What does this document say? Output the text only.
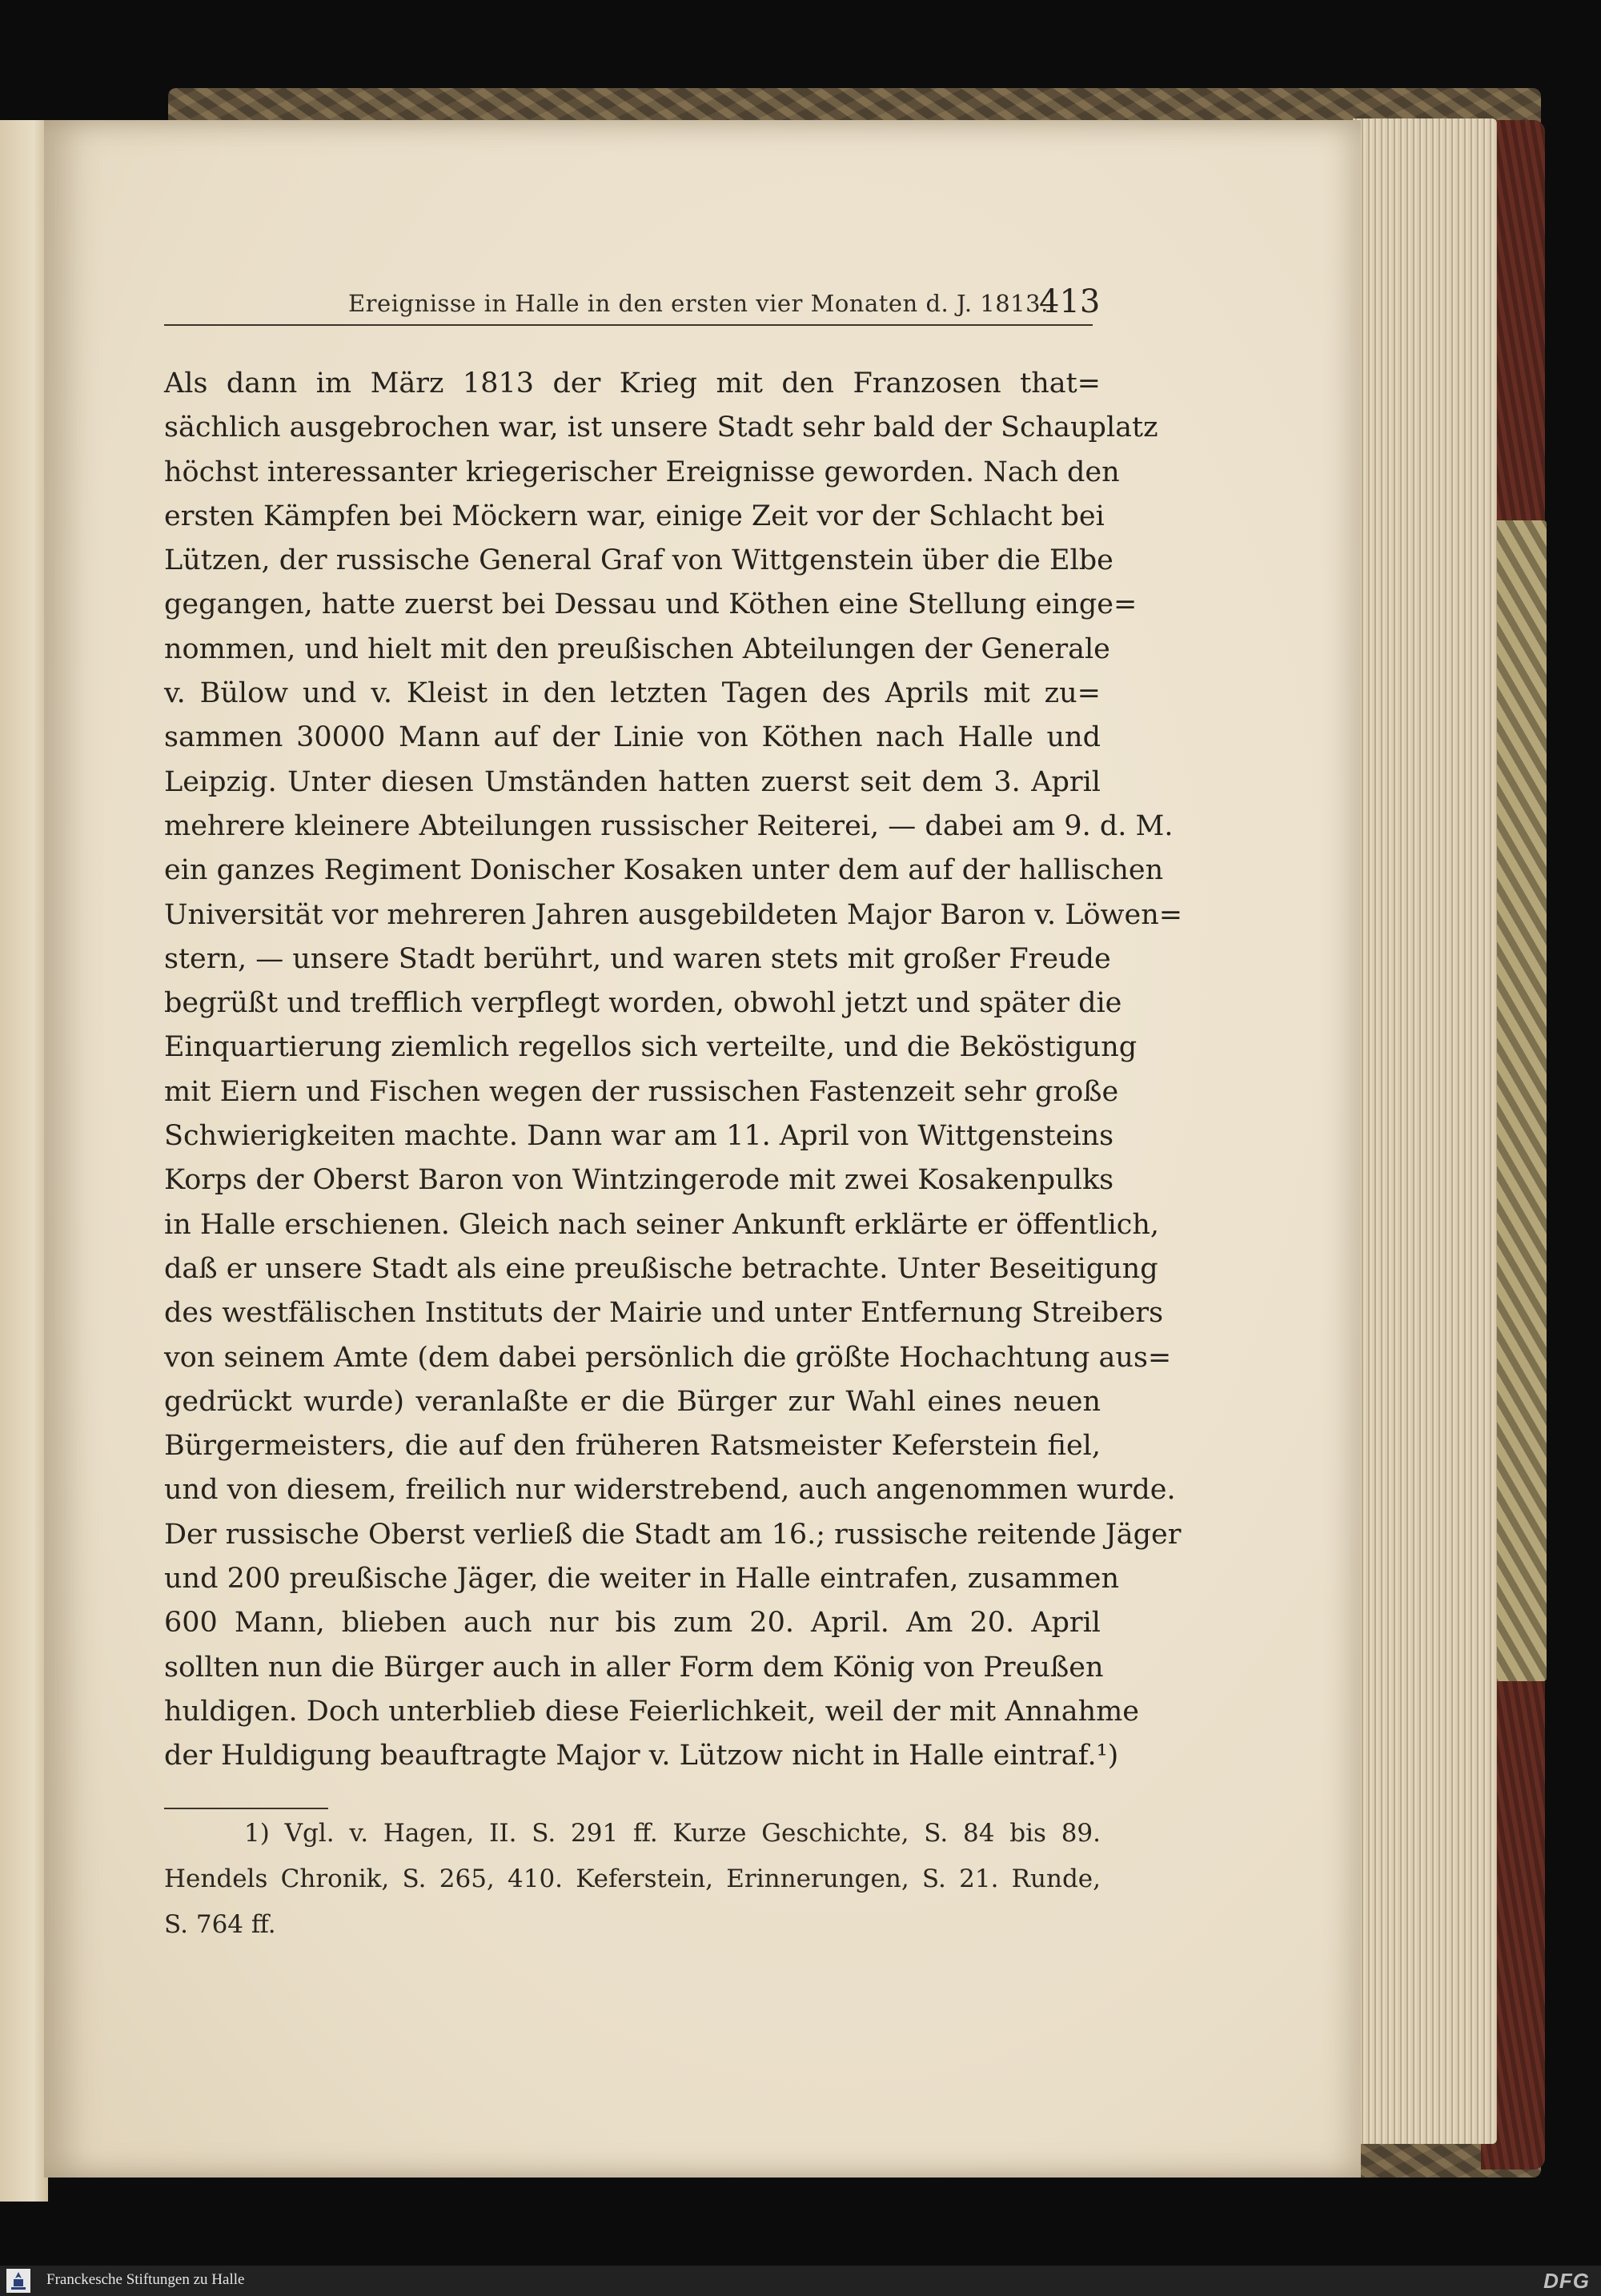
Ereignisse in Halle in den ersten vier Monaten d. J. 1813.
413
Als dann im März 1813 der Krieg mit den Franzosen that=
sächlich ausgebrochen war, ist unsere Stadt sehr bald der Schauplatz
höchst interessanter kriegerischer Ereignisse geworden. Nach den
ersten Kämpfen bei Möckern war, einige Zeit vor der Schlacht bei
Lützen, der russische General Graf von Wittgenstein über die Elbe
gegangen, hatte zuerst bei Dessau und Köthen eine Stellung einge=
nommen, und hielt mit den preußischen Abteilungen der Generale
v. Bülow und v. Kleist in den letzten Tagen des Aprils mit zu=
sammen 30000 Mann auf der Linie von Köthen nach Halle und
Leipzig. Unter diesen Umständen hatten zuerst seit dem 3. April
mehrere kleinere Abteilungen russischer Reiterei, — dabei am 9. d. M.
ein ganzes Regiment Donischer Kosaken unter dem auf der hallischen
Universität vor mehreren Jahren ausgebildeten Major Baron v. Löwen=
stern, — unsere Stadt berührt, und waren stets mit großer Freude
begrüßt und trefflich verpflegt worden, obwohl jetzt und später die
Einquartierung ziemlich regellos sich verteilte, und die Beköstigung
mit Eiern und Fischen wegen der russischen Fastenzeit sehr große
Schwierigkeiten machte. Dann war am 11. April von Wittgensteins
Korps der Oberst Baron von Wintzingerode mit zwei Kosakenpulks
in Halle erschienen. Gleich nach seiner Ankunft erklärte er öffentlich,
daß er unsere Stadt als eine preußische betrachte. Unter Beseitigung
des westfälischen Instituts der Mairie und unter Entfernung Streibers
von seinem Amte (dem dabei persönlich die größte Hochachtung aus=
gedrückt wurde) veranlaßte er die Bürger zur Wahl eines neuen
Bürgermeisters, die auf den früheren Ratsmeister Keferstein fiel,
und von diesem, freilich nur widerstrebend, auch angenommen wurde.
Der russische Oberst verließ die Stadt am 16.; russische reitende Jäger
und 200 preußische Jäger, die weiter in Halle eintrafen, zusammen
600 Mann, blieben auch nur bis zum 20. April. Am 20. April
sollten nun die Bürger auch in aller Form dem König von Preußen
huldigen. Doch unterblieb diese Feierlichkeit, weil der mit Annahme
der Huldigung beauftragte Major v. Lützow nicht in Halle eintraf.¹)
1) Vgl. v. Hagen, II. S. 291 ff. Kurze Geschichte, S. 84 bis 89.
Hendels Chronik, S. 265, 410. Keferstein, Erinnerungen, S. 21. Runde,
S. 764 ff.
Franckesche Stiftungen zu Halle	DFG
